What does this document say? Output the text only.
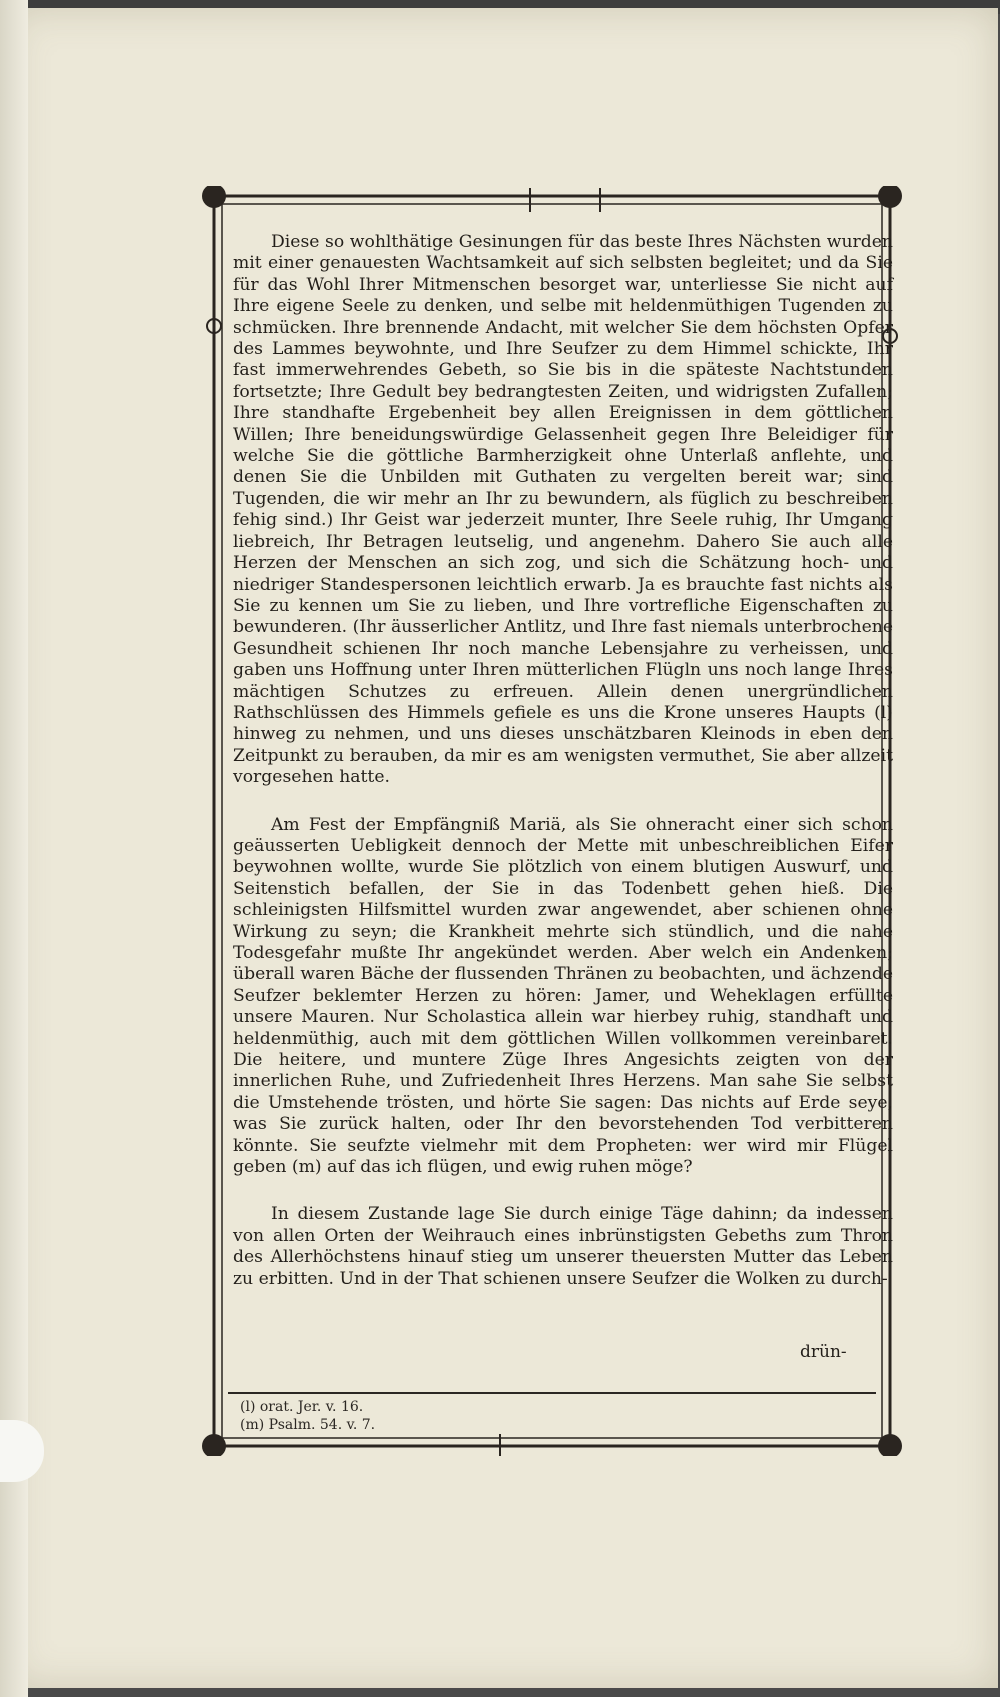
Diese so wohlthätige Gesinungen für das beste Ihres Nächsten wurden mit einer genauesten Wachtsamkeit auf sich selbsten begleitet; und da Sie für das Wohl Ihrer Mitmenschen besorget war, unterliesse Sie nicht auf Ihre eigene Seele zu denken, und selbe mit heldenmüthigen Tugenden zu schmücken. Ihre brennende Andacht, mit welcher Sie dem höchsten Opfer des Lammes beywohnte, und Ihre Seufzer zu dem Himmel schickte, Ihr fast immerwehrendes Gebeth, so Sie bis in die späteste Nachtstunden fortsetzte; Ihre Gedult bey bedrangtesten Zeiten, und widrigsten Zufallen; Ihre standhafte Ergebenheit bey allen Ereignissen in dem göttlichen Willen; Ihre beneidungswürdige Gelassenheit gegen Ihre Beleidiger für welche Sie die göttliche Barmherzigkeit ohne Unterlaß anflehte, und denen Sie die Unbilden mit Guthaten zu vergelten bereit war; sind Tugenden, die wir mehr an Ihr zu bewundern, als füglich zu beschreiben fehig sind.) Ihr Geist war jederzeit munter, Ihre Seele ruhig, Ihr Umgang liebreich, Ihr Betragen leutselig, und angenehm. Dahero Sie auch alle Herzen der Menschen an sich zog, und sich die Schätzung hoch- und niedriger Standespersonen leichtlich erwarb. Ja es brauchte fast nichts als Sie zu kennen um Sie zu lieben, und Ihre vortrefliche Eigenschaften zu bewunderen. (Ihr äusserlicher Antlitz, und Ihre fast niemals unterbrochene Gesundheit schienen Ihr noch manche Lebensjahre zu verheissen, und gaben uns Hoffnung unter Ihren mütterlichen Flügln uns noch lange Ihres mächtigen Schutzes zu erfreuen. Allein denen unergründlichen Rathschlüssen des Himmels gefiele es uns die Krone unseres Haupts (l) hinweg zu nehmen, und uns dieses unschätzbaren Kleinods in eben den Zeitpunkt zu berauben, da mir es am wenigsten vermuthet, Sie aber allzeit vorgesehen hatte.

Am Fest der Empfängniß Mariä, als Sie ohneracht einer sich schon geäusserten Uebligkeit dennoch der Mette mit unbeschreiblichen Eifer beywohnen wollte, wurde Sie plötzlich von einem blutigen Auswurf, und Seitenstich befallen, der Sie in das Todenbett gehen hieß. Die schleinigsten Hilfsmittel wurden zwar angewendet, aber schienen ohne Wirkung zu seyn; die Krankheit mehrte sich stündlich, und die nahe Todesgefahr mußte Ihr angekündet werden. Aber welch ein Andenken; überall waren Bäche der flussenden Thränen zu beobachten, und ächzende Seufzer beklemter Herzen zu hören: Jamer, und Weheklagen erfüllte unsere Mauren. Nur Scholastica allein war hierbey ruhig, standhaft und heldenmüthig, auch mit dem göttlichen Willen vollkommen vereinbaret. Die heitere, und muntere Züge Ihres Angesichts zeigten von der innerlichen Ruhe, und Zufriedenheit Ihres Herzens. Man sahe Sie selbst die Umstehende trösten, und hörte Sie sagen: Das nichts auf Erde seye, was Sie zurück halten, oder Ihr den bevorstehenden Tod verbitteren könnte. Sie seufzte vielmehr mit dem Propheten: wer wird mir Flügel geben (m) auf das ich flügen, und ewig ruhen möge?

In diesem Zustande lage Sie durch einige Täge dahinn; da indessen von allen Orten der Weihrauch eines inbrünstigsten Gebeths zum Thron des Allerhöchstens hinauf stieg um unserer theuersten Mutter das Leben zu erbitten. Und in der That schienen unsere Seufzer die Wolken zu durch-

drün-
(l) orat. Jer. v. 16.
(m) Psalm. 54. v. 7.
